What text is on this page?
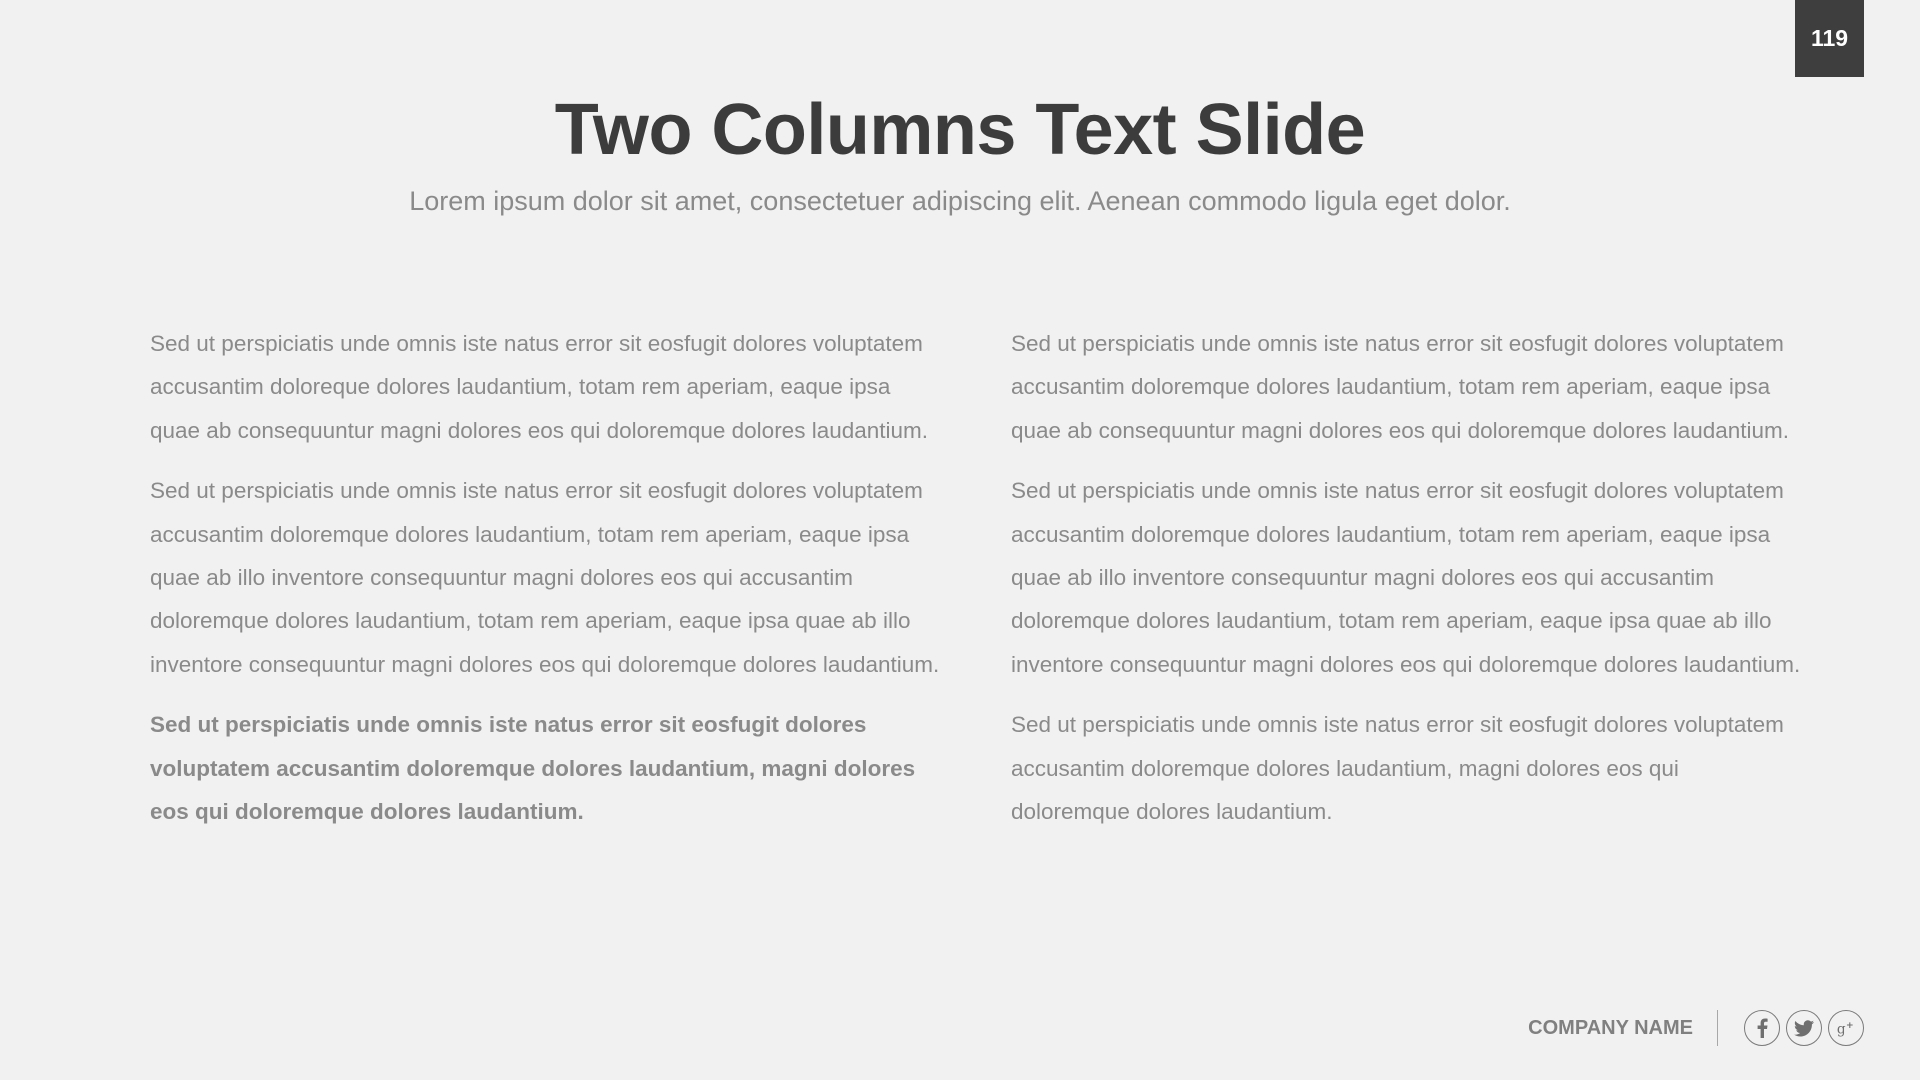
119
Two Columns Text Slide

Lorem ipsum dolor sit amet, consectetuer adipiscing elit. Aenean commodo ligula eget dolor.

Sed ut perspiciatis unde omnis iste natus error sit eosfugit dolores voluptatem accusantim doloreque dolores laudantium, totam rem aperiam, eaque ipsa quae ab consequuntur magni dolores eos qui doloremque dolores laudantium.

Sed ut perspiciatis unde omnis iste natus error sit eosfugit dolores voluptatem accusantim doloremque dolores laudantium, totam rem aperiam, eaque ipsa quae ab illo inventore consequuntur magni dolores eos qui accusantim doloremque dolores laudantium, totam rem aperiam, eaque ipsa quae ab illo inventore consequuntur magni dolores eos qui doloremque dolores laudantium.

Sed ut perspiciatis unde omnis iste natus error sit eosfugit dolores voluptatem accusantim doloremque dolores laudantium, magni dolores eos qui doloremque dolores laudantium.

Sed ut perspiciatis unde omnis iste natus error sit eosfugit dolores voluptatem accusantim doloremque dolores laudantium, totam rem aperiam, eaque ipsa quae ab consequuntur magni dolores eos qui doloremque dolores laudantium.

Sed ut perspiciatis unde omnis iste natus error sit eosfugit dolores voluptatem accusantim doloremque dolores laudantium, totam rem aperiam, eaque ipsa quae ab illo inventore consequuntur magni dolores eos qui accusantim doloremque dolores laudantium, totam rem aperiam, eaque ipsa quae ab illo inventore consequuntur magni dolores eos qui doloremque dolores laudantium.

Sed ut perspiciatis unde omnis iste natus error sit eosfugit dolores voluptatem accusantim doloremque dolores laudantium, magni dolores eos qui doloremque dolores laudantium.

COMPANY NAME	g +
